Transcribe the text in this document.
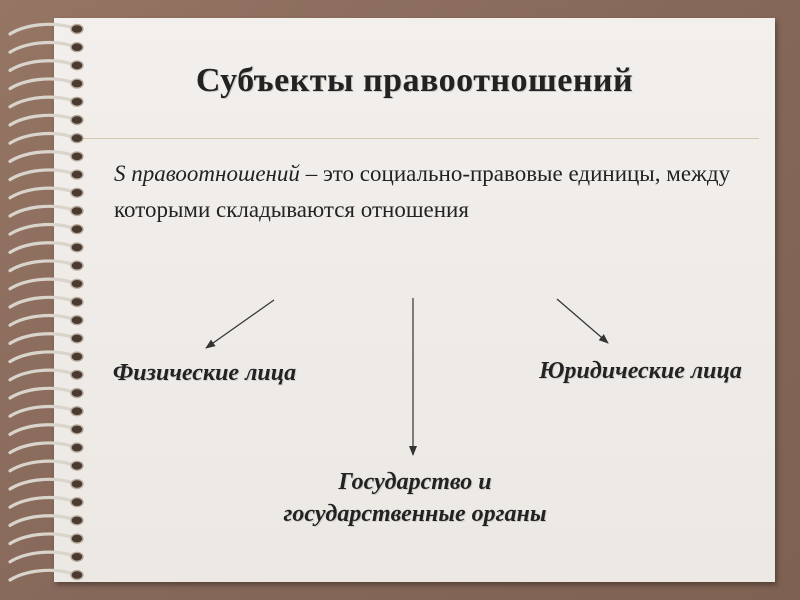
Субъекты правоотношений
S правоотношений – это социально-правовые единицы, между которыми складываются отношения
Физические лица	Юридические лица
Государство и государственные органы
